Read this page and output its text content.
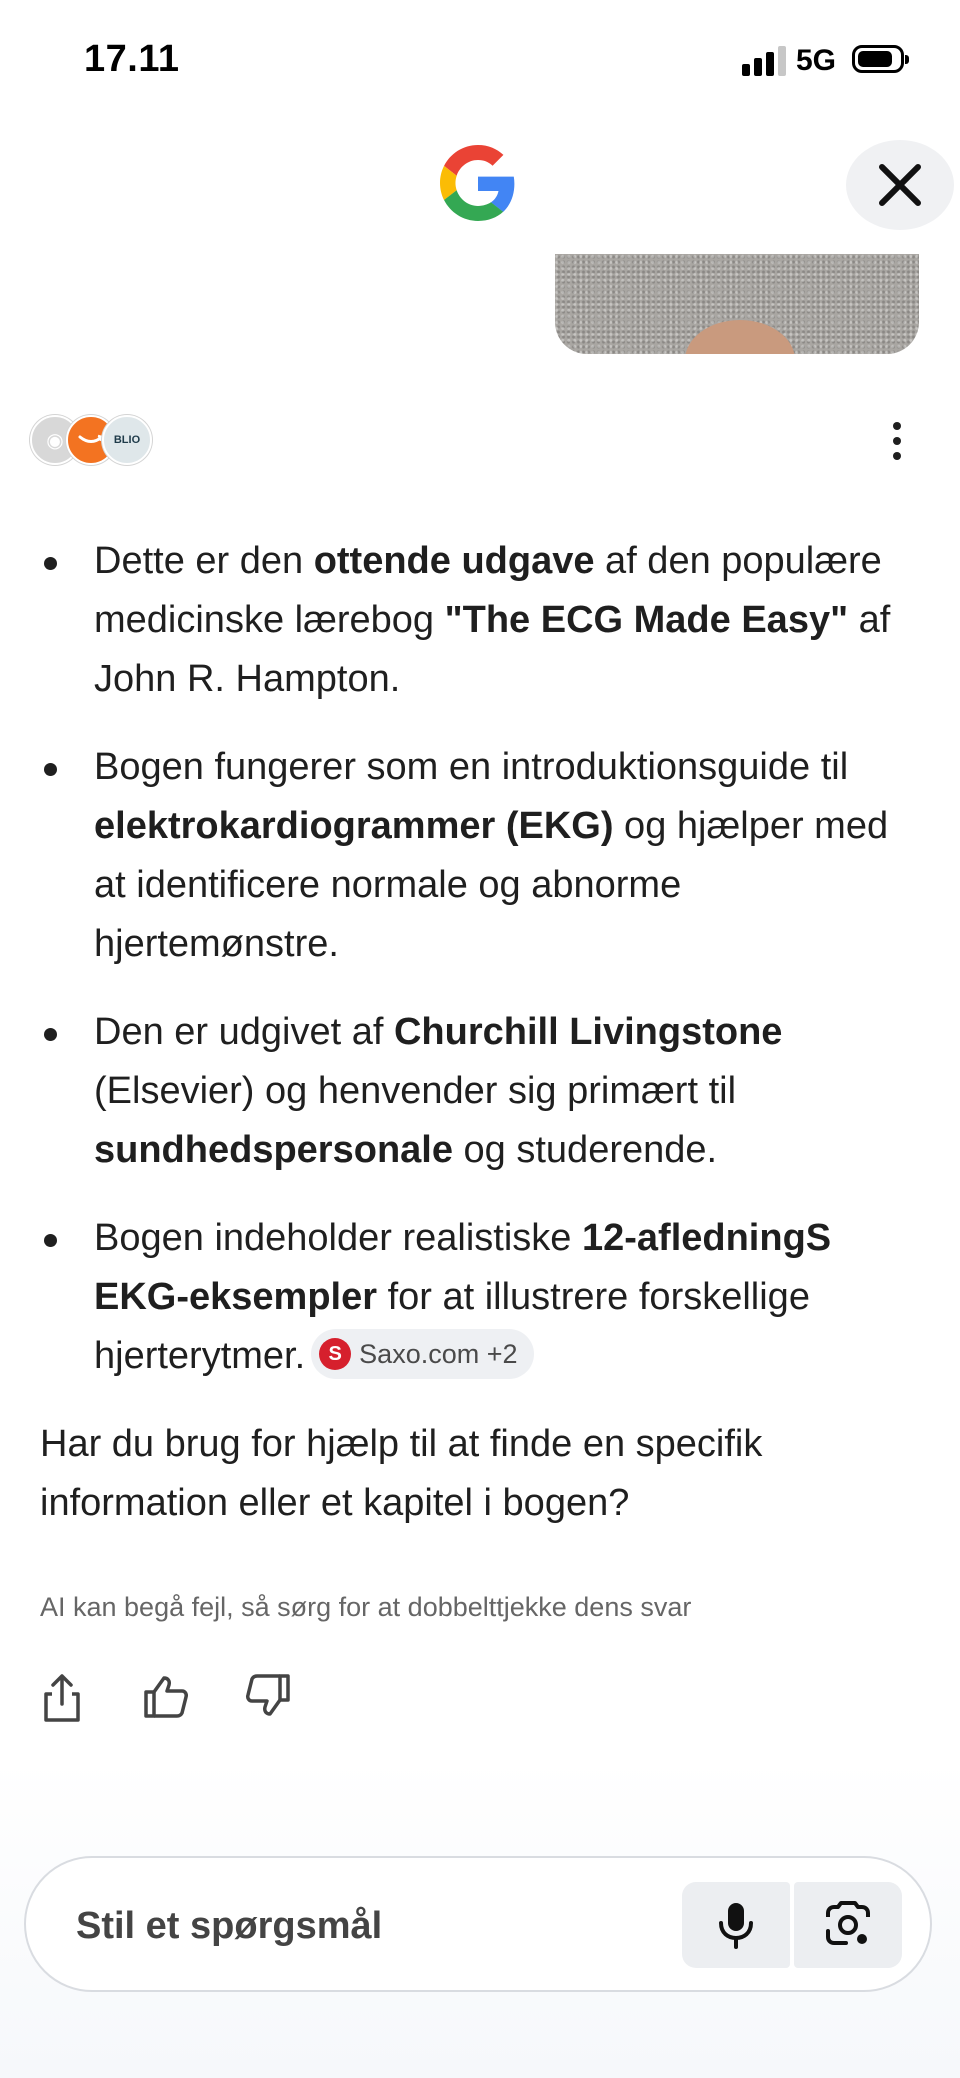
17.11	5G
◉	BLIO
Dette er den ottende udgave af den populære medicinske lærebog "The ECG Made Easy" af John R. Hampton.
Bogen fungerer som en introduktionsguide til elektrokardiogrammer (EKG) og hjælper med at identificere normale og abnorme hjertemønstre.
Den er udgivet af Churchill Livingstone (Elsevier) og henvender sig primært til sundhedspersonale og studerende.
Bogen indeholder realistiske 12-afledningS EKG-eksempler for at illustrere forskellige hjerterytmer.	S Saxo.com +2

Har du brug for hjælp til at finde en specifik information eller et kapitel i bogen?

AI kan begå fejl, så sørg for at dobbelttjekke dens svar
Stil et spørgsmål
